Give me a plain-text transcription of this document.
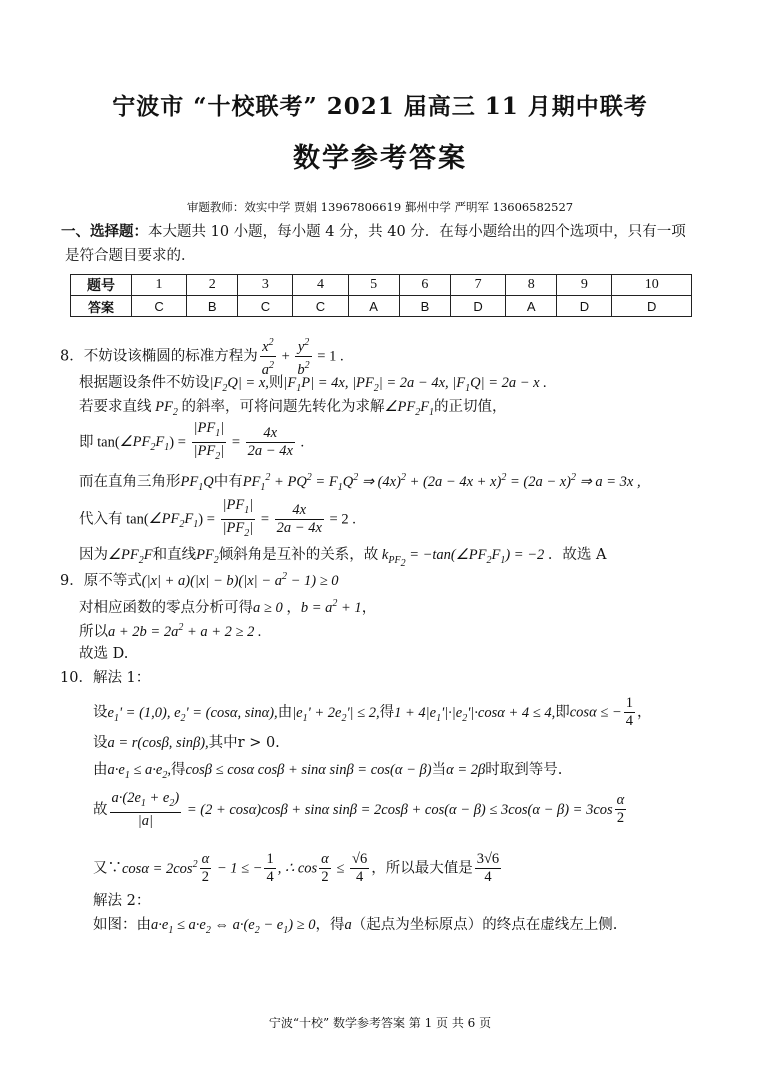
宁波市 “十校联考” 2021 届高三 11 月期中联考
数学参考答案
审题教师：效实中学 贾娟 13967806619 鄞州中学 严明军 13606582527
一、选择题：本大题共 10 小题，每小题 4 分，共 40 分．在每小题给出的四个选项中，只有一项
是符合题目要求的．
题号	1	2	3	4	5	6	7	8	9	10
答案	C	B	C	C	A	B	D	A	D	D
8．不妨设该椭圆的标准方程为 $\frac{x^2}{a^2} + \frac{y^2}{b^2} = 1$ .
根据题设条件不妨设$|F_2Q| = x$,则$|F_1P| = 4x$, $|PF_2| = 2a - 4x$, $|F_1Q| = 2a - x$ .
若要求直线 $PF_2$ 的斜率，可将问题先转化为求解$\angle PF_2F_1$的正切值，
即 $\tan(\angle PF_2F_1) = \frac{|PF_1|}{|PF_2|} = \frac{4x}{2a - 4x}$ .
而在直角三角形$PF_1Q$中有$PF_1^2 + PQ^2 = F_1Q^2$ ⇒ $(4x)^2 + (2a - 4x + x)^2 = (2a - x)^2$ ⇒ a = 3x ,
代入有 $\tan(\angle PF_2F_1) = \frac{|PF_1|}{|PF_2|} = \frac{4x}{2a - 4x} = 2$ .
因为$\angle PF_2F$和直线$PF_2$倾斜角是互补的关系，故 $k_{PF_2}$ = $-\tan(\angle PF_2F_1) = -2$ ．故选 A
9．原不等式$(|x| + a)(|x| - b)(|x| - a^2 - 1) \ge 0$
对相应函数的零点分析可得a ≥ 0 ，$b = a^2 + 1$，
所以$a + 2b = 2a^2 + a + 2 \ge 2$ .
故选 D.
10．解法 1：
设$e_1' = (1,0)$, $e_2' = (\cos\alpha$, sinα),由$|e_1' + 2e_2'| \le 2$,得$1 + 4|e_1'|\cdot|e_2'|\cdot\cos\alpha + 4 \le 4$,即cosα ≤ − $\frac{1}{4}$ ，
设a = r(cosβ, sinβ),其中r > 0.
由$a\cdot e_1 \le a\cdot e_2$,得cosβ ≤ cosα cosβ + sinα sinβ = cos(α − β)当α = 2β时取到等号.
故 $\frac{a\cdot(2e_1 + e_2)}{|a|} = (2 + \cos\alpha)\cos\beta + \sin\alpha$ $\sin\beta = 2\cos\beta + \cos(\alpha - \beta) \le 3\cos(\alpha - \beta) = 3\cos \frac{\alpha}{2}$
又∵cosα = $2\cos^2 \frac{\alpha}{2} - 1$ ≤ − $\frac{1}{4}$ , ∴ $\cos \frac{\alpha}{2} \le \frac{√6}{4}$ ，所以最大值是 $\frac{3√6}{4}$
解法 2：
如图：由$a\cdot e_1 \le a\cdot e_2$ ⇔ $a\cdot(e_2 - e_1) \ge 0$，得a（起点为坐标原点）的终点在虚线左上侧.
宁波“十校” 数学参考答案 第 1 页 共 6 页
